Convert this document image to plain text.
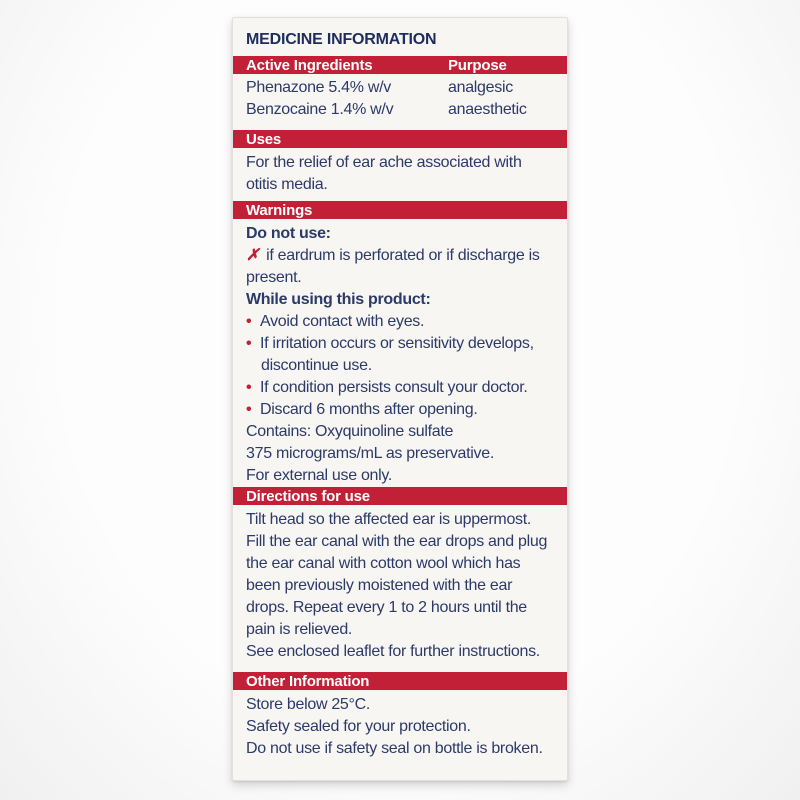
MEDICINE INFORMATION
Active Ingredients	Purpose
Phenazone 5.4% w/v	analgesic
Benzocaine 1.4% w/v	anaesthetic
Uses
For the relief of ear ache associated with
otitis media.
Warnings
Do not use:
✗ if eardrum is perforated or if discharge is
present.
While using this product:
• Avoid contact with eyes.
• If irritation occurs or sensitivity develops,
discontinue use.
• If condition persists consult your doctor.
• Discard 6 months after opening.
Contains: Oxyquinoline sulfate
375 micrograms/mL as preservative.
For external use only.
Directions for use
Tilt head so the affected ear is uppermost.
Fill the ear canal with the ear drops and plug
the ear canal with cotton wool which has
been previously moistened with the ear
drops. Repeat every 1 to 2 hours until the
pain is relieved.
See enclosed leaflet for further instructions.
Other Information
Store below 25°C.
Safety sealed for your protection.
Do not use if safety seal on bottle is broken.
